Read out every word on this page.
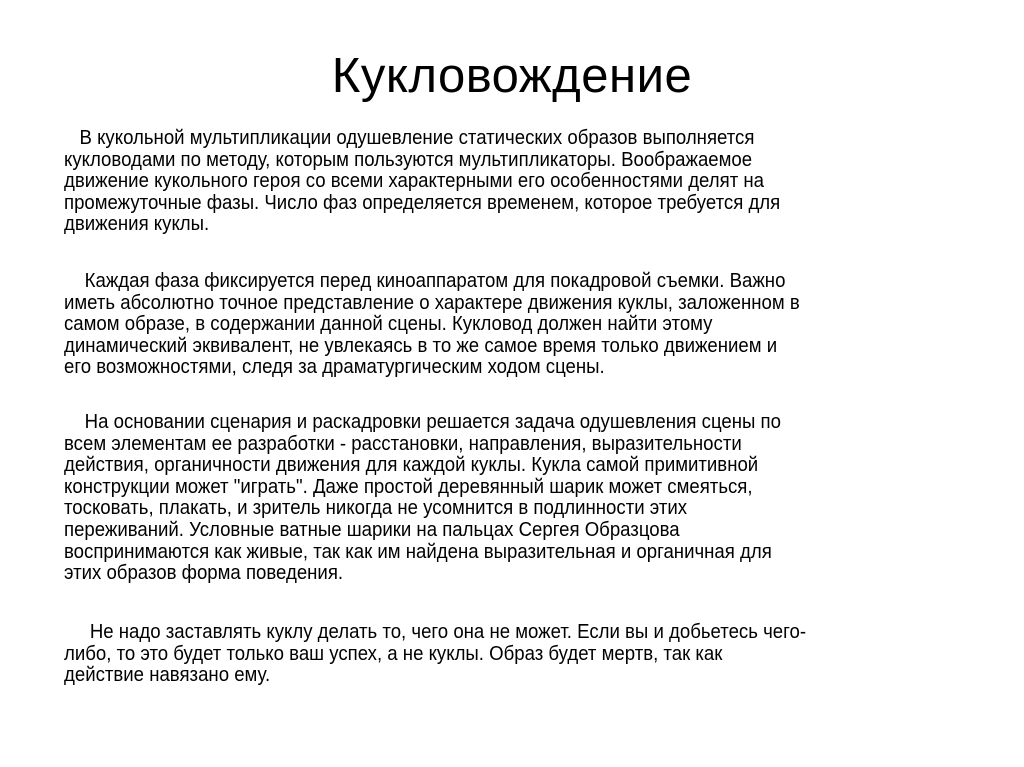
Кукловождение

В кукольной мультипликации одушевление статических образов выполняется
кукловодами по методу, которым пользуются мультипликаторы. Воображаемое
движение кукольного героя со всеми характерными его особенностями делят на
промежуточные фазы. Число фаз определяется временем, которое требуется для
движения куклы.

Каждая фаза фиксируется перед киноаппаратом для покадровой съемки. Важно
иметь абсолютно точное представление о характере движения куклы, заложенном в
самом образе, в содержании данной сцены. Кукловод должен найти этому
динамический эквивалент, не увлекаясь в то же самое время только движением и
его возможностями, следя за драматургическим ходом сцены.

На основании сценария и раскадровки решается задача одушевления сцены по
всем элементам ее разработки - расстановки, направления, выразительности
действия, органичности движения для каждой куклы. Кукла самой примитивной
конструкции может "играть". Даже простой деревянный шарик может смеяться,
тосковать, плакать, и зритель никогда не усомнится в подлинности этих
переживаний. Условные ватные шарики на пальцах Сергея Образцова
воспринимаются как живые, так как им найдена выразительная и органичная для
этих образов форма поведения.

Не надо заставлять куклу делать то, чего она не может. Если вы и добьетесь чего-
либо, то это будет только ваш успех, а не куклы. Образ будет мертв, так как
действие навязано ему.
